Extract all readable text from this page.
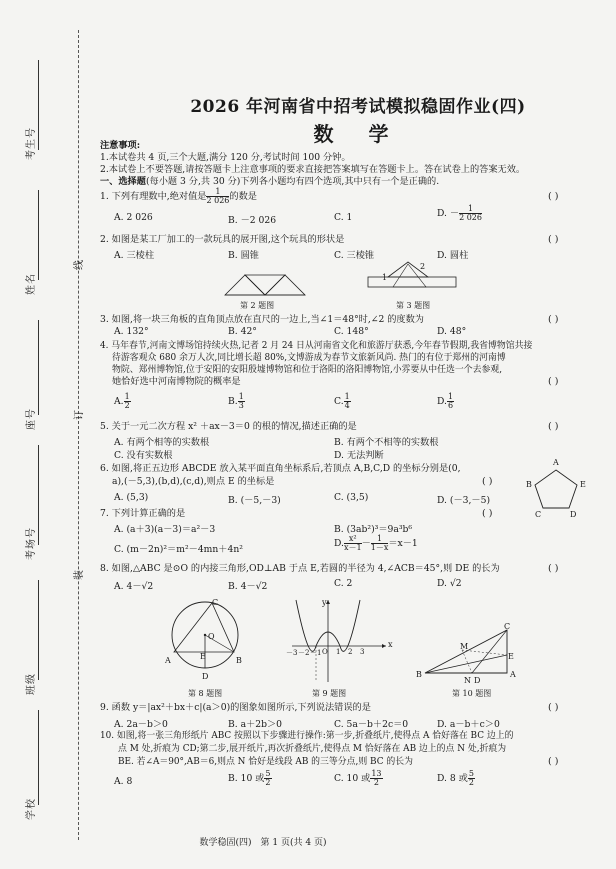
考生号
姓名
座号
考场号
班级
学校
线
订
装
2026 年河南省中招考试模拟稳固作业(四)
数 学
注意事项:
1.本试卷共 4 页,三个大题,满分 120 分,考试时间 100 分钟。
2.本试卷上不要答题,请按答题卡上注意事项的要求直接把答案填写在答题卡上。答在试卷上的答案无效。
一、选择题(每小题 3 分,共 30 分)下列各小题均有四个选项,其中只有一个是正确的.
1. 下列有理数中,绝对值是 $\frac{1}{2 026}$ 的数是	( )
A. 2 026	B. －2 026	C. 1	D. － $\frac{1}{2 026}$
2. 如图是某工厂加工的一款玩具的展开图,这个玩具的形状是	( )
A. 三棱柱	B. 圆锥	C. 三棱锥	D. 圆柱
第 2 题图
1
2
第 3 题图
3. 如图,将一块三角板的直角顶点放在直尺的一边上,当∠1＝48°时,∠2 的度数为	( )
A. 132°	B. 42°	C. 148°	D. 48°
4. 马年春节,河南文博场馆持续火热,记者 2 月 24 日从河南省文化和旅游厅获悉,今年春节假期,我省博物馆共接
待游客观众 680 余万人次,同比增长超 80%,文博游成为春节文旅新风尚. 热门的有位于郑州的河南博
物院、郑州博物馆,位于安阳的安阳殷墟博物馆和位于洛阳的洛阳博物馆,小雰要从中任选一个去参观,
她恰好选中河南博物院的概率是	( )
A. $\frac{1}{2}$	B. $\frac{1}{3}$	C. $\frac{1}{4}$	D. $\frac{1}{6}$
5. 关于一元二次方程 x² ＋ax－3＝0 的根的情况,描述正确的是	( )
A. 有两个相等的实数根	B. 有两个不相等的实数根
C. 没有实数根	D. 无法判断
6. 如图,将正五边形 ABCDE 放入某平面直角坐标系后,若顶点 A,B,C,D 的坐标分别是(0,
a),(－5,3),(b,d),(c,d),则点 E 的坐标是	( )
A. (5,3)	B. (－5,－3)	C. (3,5)	D. (－3,－5)
A
B
C	D
E
7. 下列计算正确的是	( )
A. (a＋3)(a－3)＝a²－3	B. (3ab²)³＝9a³b⁶
C. (m－2n)²＝m²－4mn＋4n²
D. $\frac{\text{x²}}{x-1} - \frac{1}{1-x} =x-1$
8. 如图,△ABC 是⊙O 的内接三角形,OD⊥AB 于点 E,若圆的半径为 4,∠ACB＝45°,则 DE 的长为	( )
A. 4－√2	B. 4－√2	C. 2	D. √2
C
O
E
A	B
D
第 8 题图
y
x
－3 －2 －1 O 1 2 3
第 9 题图
C
M
E
B
N D
A
第 10 题图
9. 函数 y＝|ax²＋bx＋c|(a＞0)的图象如图所示,下列说法错误的是	( )
A. 2a－b＞0	B. a＋2b＞0	C. 5a－b＋2c＝0	D. a－b＋c＞0
10. 如图,将一张三角形纸片 ABC 按照以下步骤进行操作:第一步,折叠纸片,使得点 A 恰好落在 BC 边上的
点 M 处,折痕为 CD;第二步,展开纸片,再次折叠纸片,使得点 M 恰好落在 AB 边上的点 N 处,折痕为
BE. 若∠A＝90°,AB＝6,则点 N 恰好是线段 AB 的三等分点,则 BC 的长为	( )
A. 8	B. 10 或 $\frac{5}{2}$	C. 10 或 $\frac{13}{2}$	D. 8 或 $\frac{5}{2}$
数学稳固(四)　第 1 页(共 4 页)
